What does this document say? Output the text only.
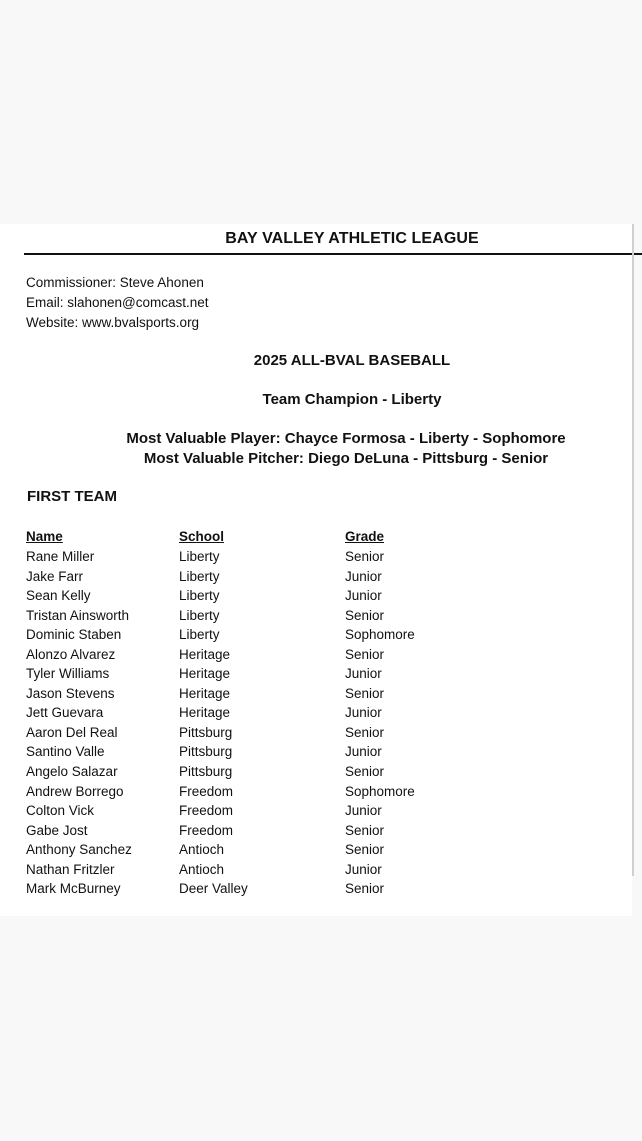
BAY VALLEY ATHLETIC LEAGUE
Commissioner: Steve Ahonen
Email: slahonen@comcast.net
Website: www.bvalsports.org
2025 ALL-BVAL BASEBALL
Team Champion - Liberty
Most Valuable Player: Chayce Formosa - Liberty - Sophomore
Most Valuable Pitcher: Diego DeLuna - Pittsburg - Senior
FIRST TEAM
Name	School	Grade
Rane Miller	Liberty	Senior
Jake Farr	Liberty	Junior
Sean Kelly	Liberty	Junior
Tristan Ainsworth	Liberty	Senior
Dominic Staben	Liberty	Sophomore
Alonzo Alvarez	Heritage	Senior
Tyler Williams	Heritage	Junior
Jason Stevens	Heritage	Senior
Jett Guevara	Heritage	Junior
Aaron Del Real	Pittsburg	Senior
Santino Valle	Pittsburg	Junior
Angelo Salazar	Pittsburg	Senior
Andrew Borrego	Freedom	Sophomore
Colton Vick	Freedom	Junior
Gabe Jost	Freedom	Senior
Anthony Sanchez	Antioch	Senior
Nathan Fritzler	Antioch	Junior
Mark McBurney	Deer Valley	Senior
